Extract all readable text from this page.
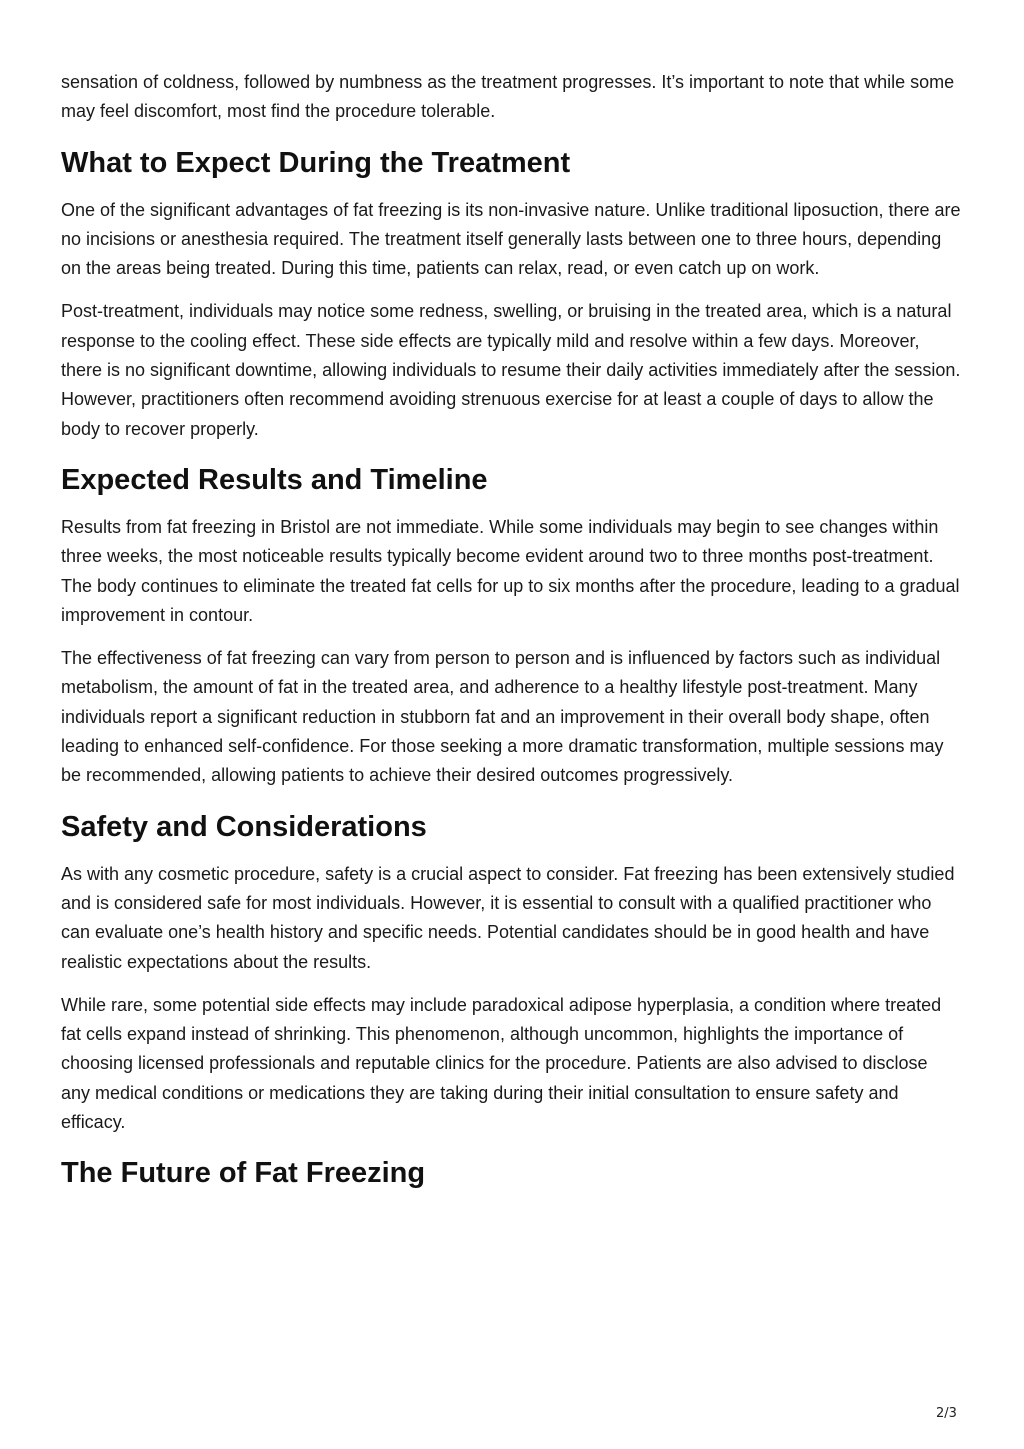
sensation of coldness, followed by numbness as the treatment progresses. It’s important to note that while some may feel discomfort, most find the procedure tolerable.

What to Expect During the Treatment

One of the significant advantages of fat freezing is its non-invasive nature. Unlike traditional liposuction, there are no incisions or anesthesia required. The treatment itself generally lasts between one to three hours, depending on the areas being treated. During this time, patients can relax, read, or even catch up on work.

Post-treatment, individuals may notice some redness, swelling, or bruising in the treated area, which is a natural response to the cooling effect. These side effects are typically mild and resolve within a few days. Moreover, there is no significant downtime, allowing individuals to resume their daily activities immediately after the session. However, practitioners often recommend avoiding strenuous exercise for at least a couple of days to allow the body to recover properly.

Expected Results and Timeline

Results from fat freezing in Bristol are not immediate. While some individuals may begin to see changes within three weeks, the most noticeable results typically become evident around two to three months post-treatment. The body continues to eliminate the treated fat cells for up to six months after the procedure, leading to a gradual improvement in contour.

The effectiveness of fat freezing can vary from person to person and is influenced by factors such as individual metabolism, the amount of fat in the treated area, and adherence to a healthy lifestyle post-treatment. Many individuals report a significant reduction in stubborn fat and an improvement in their overall body shape, often leading to enhanced self-confidence. For those seeking a more dramatic transformation, multiple sessions may be recommended, allowing patients to achieve their desired outcomes progressively.

Safety and Considerations

As with any cosmetic procedure, safety is a crucial aspect to consider. Fat freezing has been extensively studied and is considered safe for most individuals. However, it is essential to consult with a qualified practitioner who can evaluate one’s health history and specific needs. Potential candidates should be in good health and have realistic expectations about the results.

While rare, some potential side effects may include paradoxical adipose hyperplasia, a condition where treated fat cells expand instead of shrinking. This phenomenon, although uncommon, highlights the importance of choosing licensed professionals and reputable clinics for the procedure. Patients are also advised to disclose any medical conditions or medications they are taking during their initial consultation to ensure safety and efficacy.

The Future of Fat Freezing
2/3
